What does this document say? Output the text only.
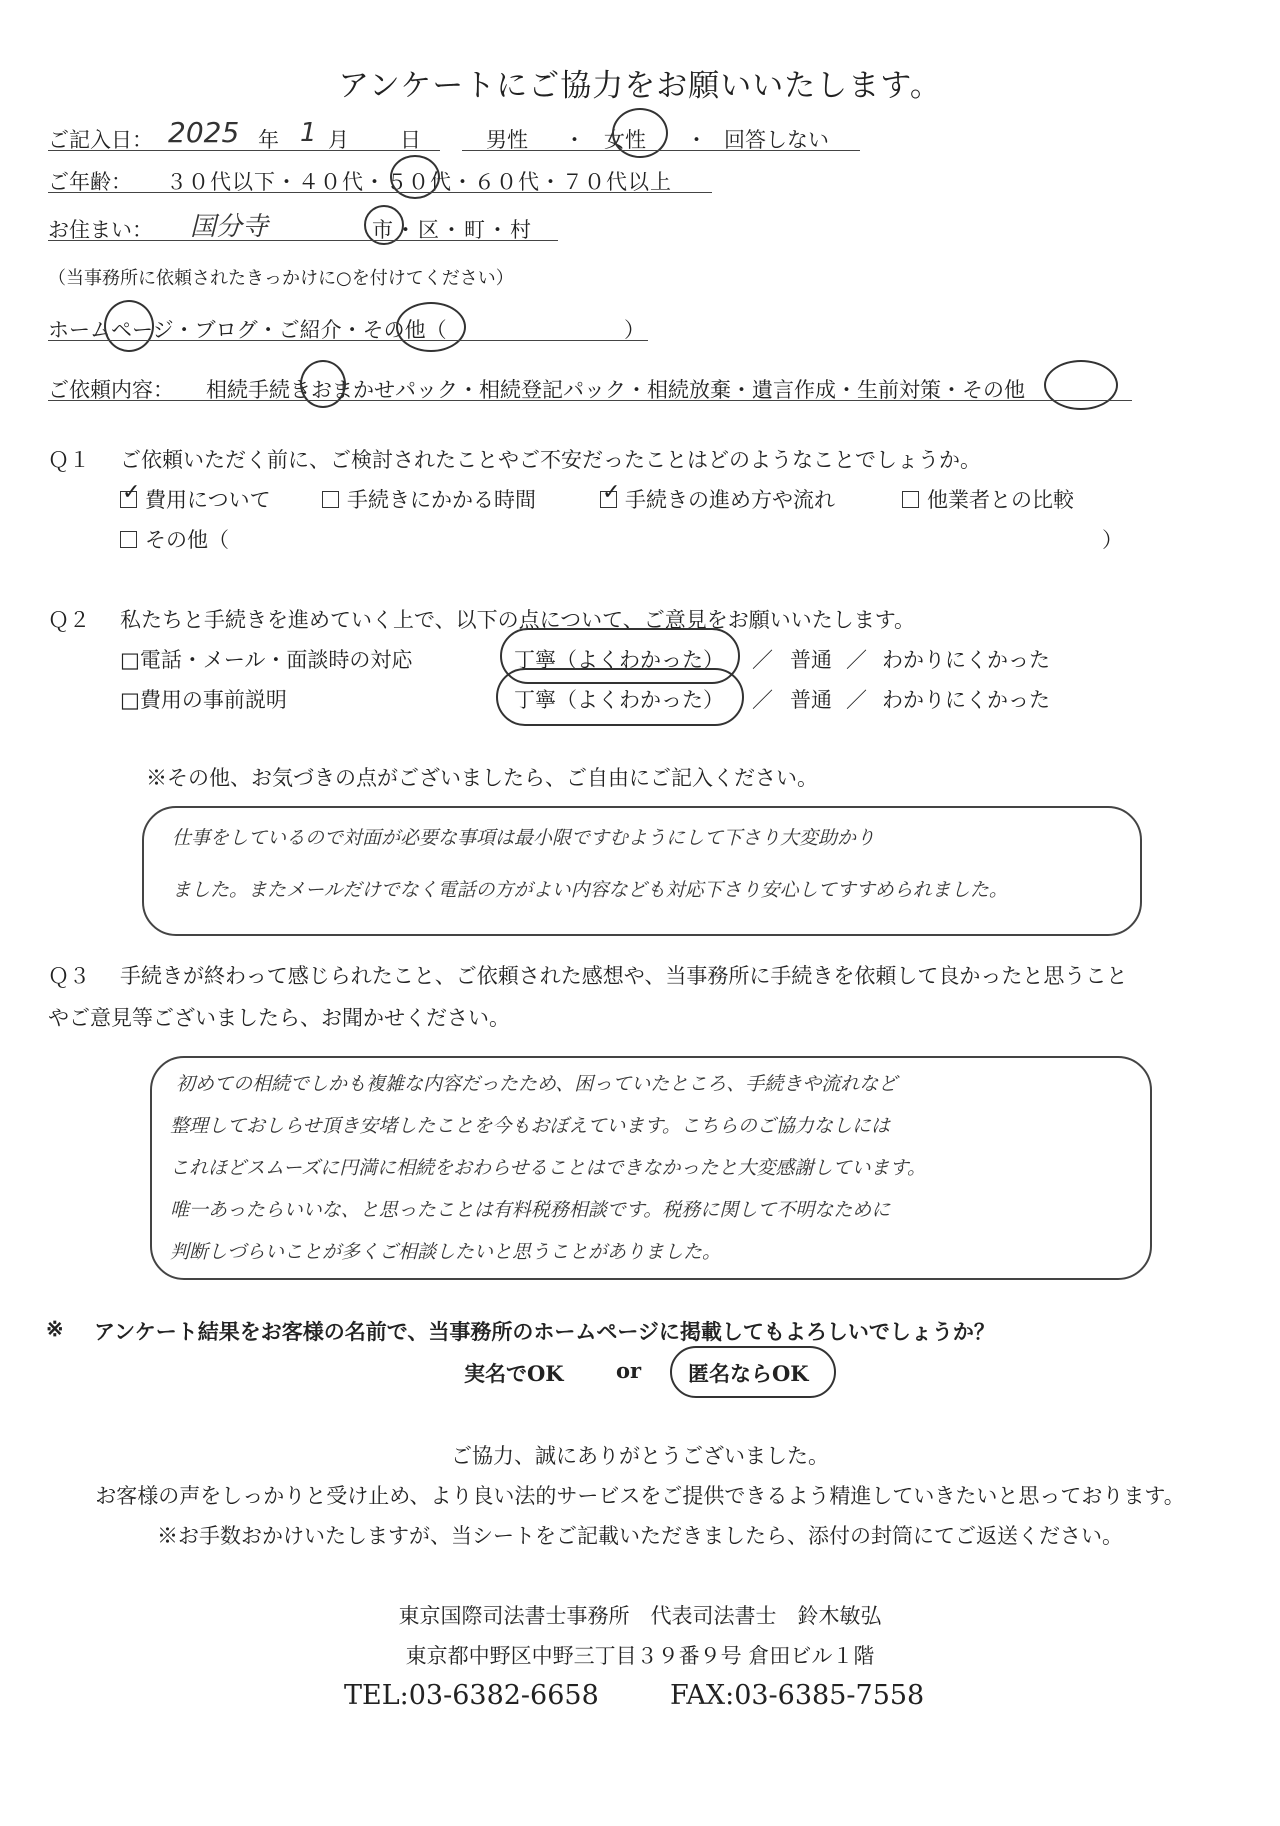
アンケートにご協力をお願いいたします。
ご記入日： 2025 年 1 月 日	男性 ・ 女性 ・ 回答しない
ご年齢： ３０代以下・４０代・５０代・６０代・７０代以上
お住まい： 国分寺	市・区・町・村
（当事務所に依頼されたきっかけに○を付けてください）
ホームページ・ブログ・ご紹介・その他（	）
ご依頼内容： 相続手続きおまかせパック・相続登記パック・相続放棄・遺言作成・生前対策・その他
Ｑ１ ご依頼いただく前に、ご検討されたことやご不安だったことはどのようなことでしょうか。
✓費用について	手続きにかかる時間
✓	手続きの進め方や流れ	他業者との比較
その他（	）
Ｑ２ 私たちと手続きを進めていく上で、以下の点について、ご意見をお願いいたします。
□電話・メール・面談時の対応	丁寧（よくわかった） ／ 普通 ／ わかりにくかった
□費用の事前説明	丁寧（よくわかった） ／ 普通 ／ わかりにくかった
※その他、お気づきの点がございましたら、ご自由にご記入ください。
仕事をしているので対面が必要な事項は最小限ですむようにして下さり大変助かり
ました。またメールだけでなく電話の方がよい内容なども対応下さり安心してすすめられました。
Ｑ３ 手続きが終わって感じられたこと、ご依頼された感想や、当事務所に手続きを依頼して良かったと思うこと
やご意見等ございましたら、お聞かせください。
初めての相続でしかも複雑な内容だったため、困っていたところ、手続きや流れなど
整理しておしらせ頂き安堵したことを今もおぼえています。こちらのご協力なしには
これほどスムーズに円満に相続をおわらせることはできなかったと大変感謝しています。
唯一あったらいいな、と思ったことは有料税務相談です。税務に関して不明なために
判断しづらいことが多くご相談したいと思うことがありました。
※ アンケート結果をお客様の名前で、当事務所のホームページに掲載してもよろしいでしょうか？
実名でOK or 匿名ならOK
ご協力、誠にありがとうございました。
お客様の声をしっかりと受け止め、より良い法的サービスをご提供できるよう精進していきたいと思っております。
※お手数おかけいたしますが、当シートをご記載いただきましたら、添付の封筒にてご返送ください。
東京国際司法書士事務所　代表司法書士　鈴木敏弘
東京都中野区中野三丁目３９番９号 倉田ビル１階
TEL:03-6382-6658	FAX:03-6385-7558
